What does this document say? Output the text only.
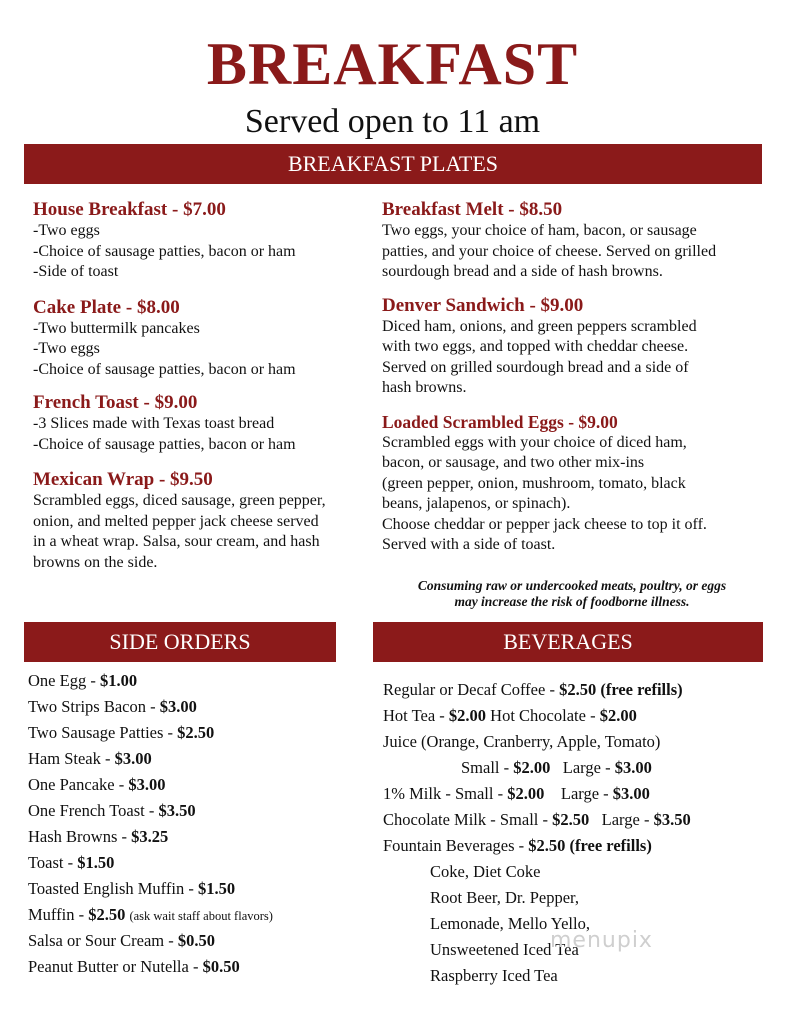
BREAKFAST
Served open to 11 am
BREAKFAST PLATES
House Breakfast - $7.00
-Two eggs
-Choice of sausage patties, bacon or ham
-Side of toast
Cake Plate - $8.00
-Two buttermilk pancakes
-Two eggs
-Choice of sausage patties, bacon or ham
French Toast - $9.00
-3 Slices made with Texas toast bread
-Choice of sausage patties, bacon or ham
Mexican Wrap - $9.50
Scrambled eggs, diced sausage, green pepper,
onion, and melted pepper jack cheese served
in a wheat wrap. Salsa, sour cream, and hash
browns on the side.
Breakfast Melt - $8.50
Two eggs, your choice of ham, bacon, or sausage
patties, and your choice of cheese. Served on grilled
sourdough bread and a side of hash browns.
Denver Sandwich - $9.00
Diced ham, onions, and green peppers scrambled
with two eggs, and topped with cheddar cheese.
Served on grilled sourdough bread and a side of
hash browns.
Loaded Scrambled Eggs - $9.00
Scrambled eggs with your choice of diced ham,
bacon, or sausage, and two other mix-ins
(green pepper, onion, mushroom, tomato, black
beans, jalapenos, or spinach).
Choose cheddar or pepper jack cheese to top it off.
Served with a side of toast.
Consuming raw or undercooked meats, poultry, or eggs
may increase the risk of foodborne illness.
SIDE ORDERS	BEVERAGES
One Egg - $1.00
Two Strips Bacon - $3.00
Two Sausage Patties - $2.50
Ham Steak - $3.00
One Pancake - $3.00
One French Toast - $3.50
Hash Browns - $3.25
Toast - $1.50
Toasted English Muffin - $1.50
Muffin - $2.50 (ask wait staff about flavors)
Salsa or Sour Cream - $0.50
Peanut Butter or Nutella - $0.50
Regular or Decaf Coffee - $2.50 (free refills)
Hot Tea - $2.00 Hot Chocolate - $2.00
Juice (Orange, Cranberry, Apple, Tomato)
Small - $2.00 Large - $3.00
1% Milk - Small - $2.00 Large - $3.00
Chocolate Milk - Small - $2.50 Large - $3.50
Fountain Beverages - $2.50 (free refills)
Coke, Diet Coke
Root Beer, Dr. Pepper,
Lemonade, Mello Yello,
Unsweetened Iced Tea
Raspberry Iced Tea
menupix
